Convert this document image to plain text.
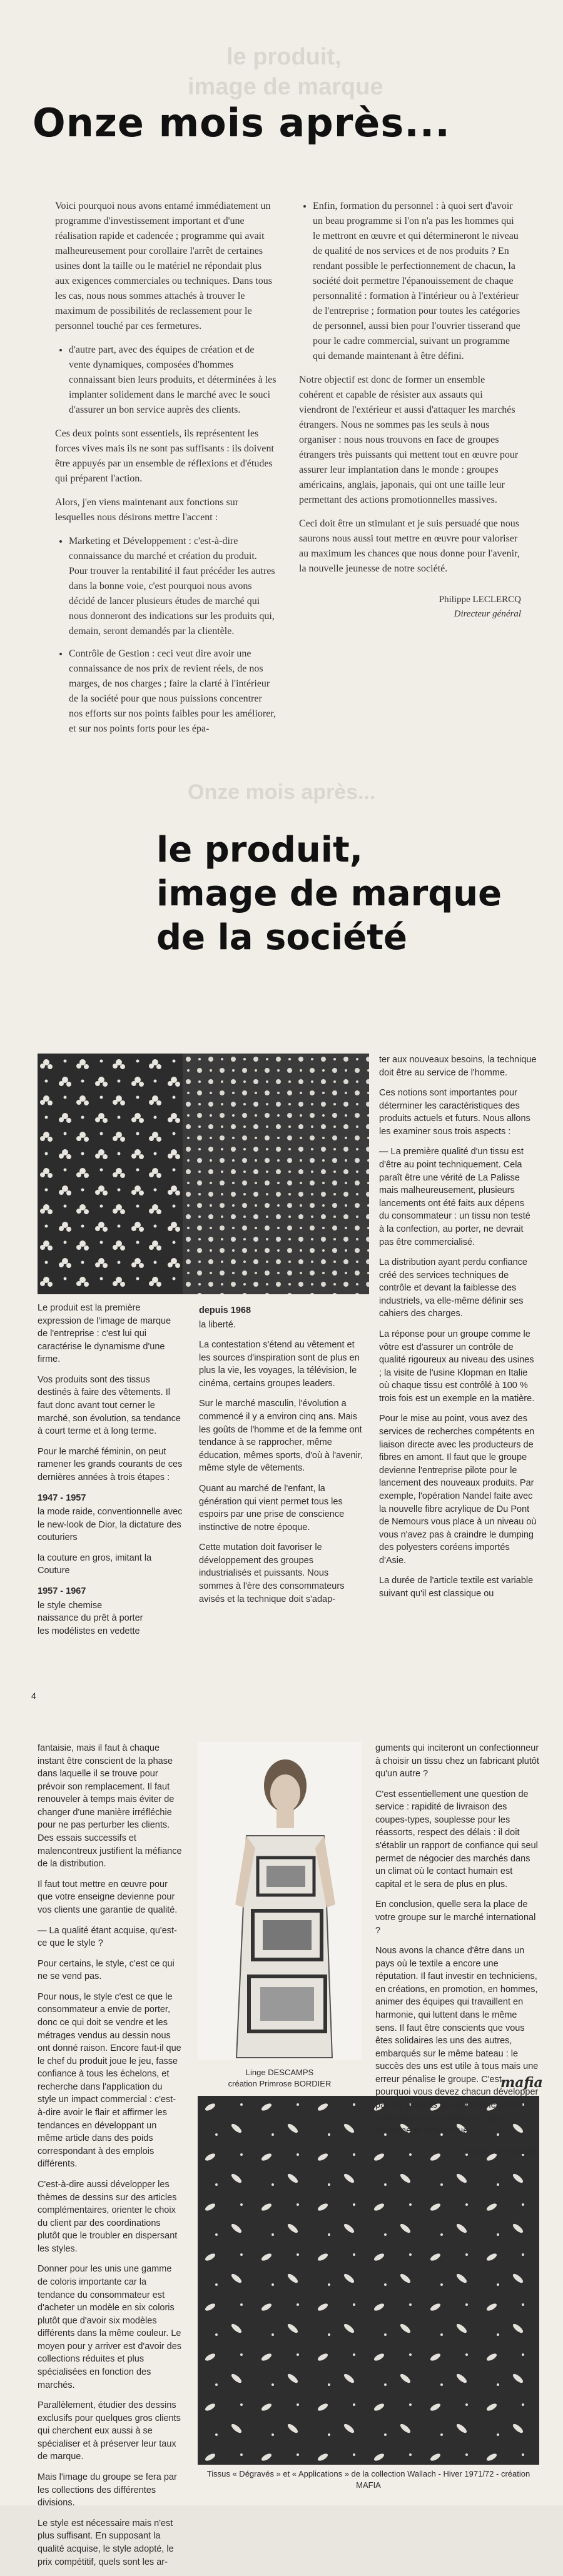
le produit,
image de marque
Onze mois après...

Voici pourquoi nous avons entamé immédiatement un programme d'investissement important et d'une réalisation rapide et cadencée ; programme qui avait malheureusement pour corollaire l'arrêt de certaines usines dont la taille ou le matériel ne répondait plus aux exigences commerciales ou techniques. Dans tous les cas, nous nous sommes attachés à trouver le maximum de possibilités de reclassement pour le personnel touché par ces fermetures.

• d'autre part, avec des équipes de création et de vente dynamiques, composées d'hommes connaissant bien leurs produits, et déterminées à les implanter solidement dans le marché avec le souci d'assurer un bon service auprès des clients.

Ces deux points sont essentiels, ils représentent les forces vives mais ils ne sont pas suffisants : ils doivent être appuyés par un ensemble de réflexions et d'études qui préparent l'action.

Alors, j'en viens maintenant aux fonctions sur lesquelles nous désirons mettre l'accent :

• Marketing et Développement : c'est-à-dire connaissance du marché et création du produit. Pour trouver la rentabilité il faut précéder les autres dans la bonne voie, c'est pourquoi nous avons décidé de lancer plusieurs études de marché qui nous donneront des indications sur les produits qui, demain, seront demandés par la clientèle.
• Contrôle de Gestion : ceci veut dire avoir une connaissance de nos prix de revient réels, de nos marges, de nos charges ; faire la clarté à l'intérieur de la société pour que nous puissions concentrer nos efforts sur nos points faibles pour les améliorer, et sur nos points forts pour les épa-
• Enfin, formation du personnel : à quoi sert d'avoir un beau programme si l'on n'a pas les hommes qui le mettront en œuvre et qui détermineront le niveau de qualité de nos services et de nos produits ? En rendant possible le perfectionnement de chacun, la société doit permettre l'épanouissement de chaque personnalité : formation à l'intérieur ou à l'extérieur de l'entreprise ; formation pour toutes les catégories de personnel, aussi bien pour l'ouvrier tisserand que pour le cadre commercial, suivant un programme qui demande maintenant à être défini.

Notre objectif est donc de former un ensemble cohérent et capable de résister aux assauts qui viendront de l'extérieur et aussi d'attaquer les marchés étrangers. Nous ne sommes pas les seuls à nous organiser : nous nous trouvons en face de groupes étrangers très puissants qui mettent tout en œuvre pour assurer leur implantation dans le monde : groupes américains, anglais, japonais, qui ont une taille leur permettant des actions promotionnelles massives.

Ceci doit être un stimulant et je suis persuadé que nous saurons nous aussi tout mettre en œuvre pour valoriser au maximum les chances que nous donne pour l'avenir, la nouvelle jeunesse de notre société.

Philippe LECLERCQ
Directeur général
Onze mois après...
le produit,
image de marque
de la société

Le produit est la première expression de l'image de marque de l'entreprise : c'est lui qui caractérise le dynamisme d'une firme.

Vos produits sont des tissus destinés à faire des vêtements. Il faut donc avant tout cerner le marché, son évolution, sa tendance à court terme et à long terme.

Pour le marché féminin, on peut ramener les grands courants de ces dernières années à trois étapes :

1947 - 1957

la mode raide, conventionnelle avec le new-look de Dior, la dictature des couturiers

la couture en gros, imitant la Couture

1957 - 1967
le style chemise
naissance du prêt à porter
les modélistes en vedette
depuis 1968

la liberté.

La contestation s'étend au vêtement et les sources d'inspiration sont de plus en plus la vie, les voyages, la télévision, le cinéma, certains groupes leaders.

Sur le marché masculin, l'évolution a commencé il y a environ cinq ans. Mais les goûts de l'homme et de la femme ont tendance à se rapprocher, même éducation, mêmes sports, d'où à l'avenir, même style de vêtements.

Quant au marché de l'enfant, la génération qui vient permet tous les espoirs par une prise de conscience instinctive de notre époque.

Cette mutation doit favoriser le développement des groupes industrialisés et puissants. Nous sommes à l'ère des consommateurs avisés et la technique doit s'adap-

ter aux nouveaux besoins, la technique doit être au service de l'homme.

Ces notions sont importantes pour déterminer les caractéristiques des produits actuels et futurs. Nous allons les examiner sous trois aspects :

— La première qualité d'un tissu est d'être au point techniquement. Cela paraît être une vérité de La Palisse mais malheureusement, plusieurs lancements ont été faits aux dépens du consommateur : un tissu non testé à la confection, au porter, ne devrait pas être commercialisé.

La distribution ayant perdu confiance créé des services techniques de contrôle et devant la faiblesse des industriels, va elle-même définir ses cahiers des charges.

La réponse pour un groupe comme le vôtre est d'assurer un contrôle de qualité rigoureux au niveau des usines ; la visite de l'usine Klopman en Italie où chaque tissu est contrôlé à 100 % trois fois est un exemple en la matière.

Pour le mise au point, vous avez des services de recherches compétents en liaison directe avec les producteurs de fibres en amont. Il faut que le groupe devienne l'entreprise pilote pour le lancement des nouveaux produits. Par exemple, l'opération Nandel faite avec la nouvelle fibre acrylique de Du Pont de Nemours vous place à un niveau où vous n'avez pas à craindre le dumping des polyesters coréens importés d'Asie.

La durée de l'article textile est variable suivant qu'il est classique ou

4

fantaisie, mais il faut à chaque instant être conscient de la phase dans laquelle il se trouve pour prévoir son remplacement. Il faut renouveler à temps mais éviter de changer d'une manière irréfléchie pour ne pas perturber les clients. Des essais successifs et malencontreux justifient la méfiance de la distribution.

Il faut tout mettre en œuvre pour que votre enseigne devienne pour vos clients une garantie de qualité.

— La qualité étant acquise, qu'est-ce que le style ?

Pour certains, le style, c'est ce qui ne se vend pas.

Pour nous, le style c'est ce que le consommateur a envie de porter, donc ce qui doit se vendre et les métrages vendus au dessin nous ont donné raison. Encore faut-il que le chef du produit joue le jeu, fasse confiance à tous les échelons, et recherche dans l'application du style un impact commercial : c'est-à-dire avoir le flair et affirmer les tendances en développant un même article dans des poids correspondant à des emplois différents.

C'est-à-dire aussi développer les thèmes de dessins sur des articles complémentaires, orienter le choix du client par des coordinations plutôt que le troubler en dispersant les styles.

Donner pour les unis une gamme de coloris importante car la tendance du consommateur est d'acheter un modèle en six coloris plutôt que d'avoir six modèles différents dans la même couleur. Le moyen pour y arriver est d'avoir des collections réduites et plus spécialisées en fonction des marchés.

Parallèlement, étudier des dessins exclusifs pour quelques gros clients qui cherchent eux aussi à se spécialiser et à préserver leur taux de marque.

Mais l'image du groupe se fera par les collections des différentes divisions.

Le style est nécessaire mais n'est plus suffisant. En supposant la qualité acquise, le style adopté, le prix compétitif, quels sont les ar-

Linge DESCAMPS
création Primrose BORDIER
Tissus « Dégravés » et « Applications » de la collection Wallach - Hiver 1971/72 - création MAFIA

guments qui inciteront un confectionneur à choisir un tissu chez un fabricant plutôt qu'un autre ?

C'est essentiellement une question de service : rapidité de livraison des coupes-types, souplesse pour les réassorts, respect des délais : il doit s'établir un rapport de confiance qui seul permet de négocier des marchés dans un climat où le contact humain est capital et le sera de plus en plus.

En conclusion, quelle sera la place de votre groupe sur le marché international ?

Nous avons la chance d'être dans un pays où le textile a encore une réputation. Il faut investir en techniciens, en créations, en promotion, en hommes, animer des équipes qui travaillent en harmonie, qui luttent dans le même sens. Il faut être conscients que vous êtes solidaires les uns des autres, embarqués sur le même bateau : le succès des uns est utile à tous mais une erreur pénalise le groupe. C'est pourquoi vous devez chacun développer par les produits du département dont vous êtes responsables un style moderne et dynamique.

Malmé ARNODIN.
mafia
